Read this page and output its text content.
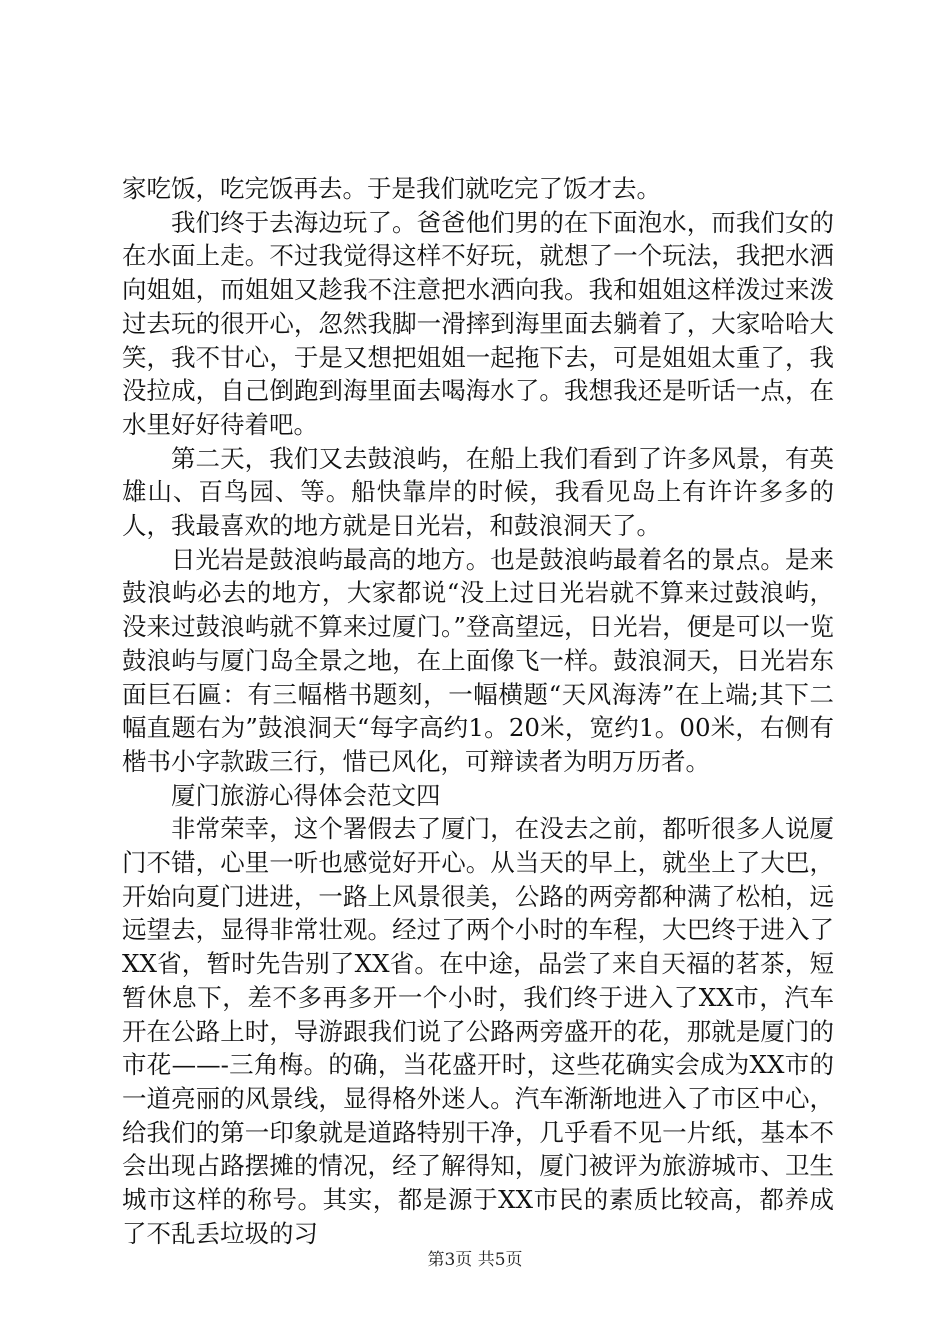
家吃饭，吃完饭再去。于是我们就吃完了饭才去。

我们终于去海边玩了。爸爸他们男的在下面泡水，而我们女的在水面上走。不过我觉得这样不好玩，就想了一个玩法，我把水洒向姐姐，而姐姐又趁我不注意把水洒向我。我和姐姐这样泼过来泼过去玩的很开心，忽然我脚一滑摔到海里面去躺着了，大家哈哈大笑，我不甘心，于是又想把姐姐一起拖下去，可是姐姐太重了，我没拉成，自己倒跑到海里面去喝海水了。我想我还是听话一点，在水里好好待着吧。

第二天，我们又去鼓浪屿，在船上我们看到了许多风景，有英雄山、百鸟园、等。船快靠岸的时候，我看见岛上有许许多多的人，我最喜欢的地方就是日光岩，和鼓浪洞天了。

日光岩是鼓浪屿最高的地方。也是鼓浪屿最着名的景点。是来鼓浪屿必去的地方，大家都说“没上过日光岩就不算来过鼓浪屿，没来过鼓浪屿就不算来过厦门。”登高望远，日光岩，便是可以一览鼓浪屿与厦门岛全景之地，在上面像飞一样。鼓浪洞天，日光岩东面巨石匾：有三幅楷书题刻，一幅横题“天风海涛”在上端;其下二幅直题右为”鼓浪洞天“每字高约1。20米，宽约1。00米，右侧有楷书小字款跋三行，惜已风化，可辩读者为明万历者。

厦门旅游心得体会范文四

非常荣幸，这个署假去了厦门，在没去之前，都听很多人说厦门不错，心里一听也感觉好开心。从当天的早上，就坐上了大巴，开始向夏门进进，一路上风景很美，公路的两旁都种满了松柏，远远望去，显得非常壮观。经过了两个小时的车程，大巴终于进入了XX省，暂时先告别了XX省。在中途，品尝了来自天福的茗茶，短暂休息下，差不多再多开一个小时，我们终于进入了XX市，汽车开在公路上时，导游跟我们说了公路两旁盛开的花，那就是厦门的市花——-三角梅。的确，当花盛开时，这些花确实会成为XX市的一道亮丽的风景线，显得格外迷人。汽车渐渐地进入了市区中心，给我们的第一印象就是道路特别干净，几乎看不见一片纸，基本不会出现占路摆摊的情况，经了解得知，厦门被评为旅游城市、卫生城市这样的称号。其实，都是源于XX市民的素质比较高，都养成了不乱丢垃圾的习

第3页 共5页
